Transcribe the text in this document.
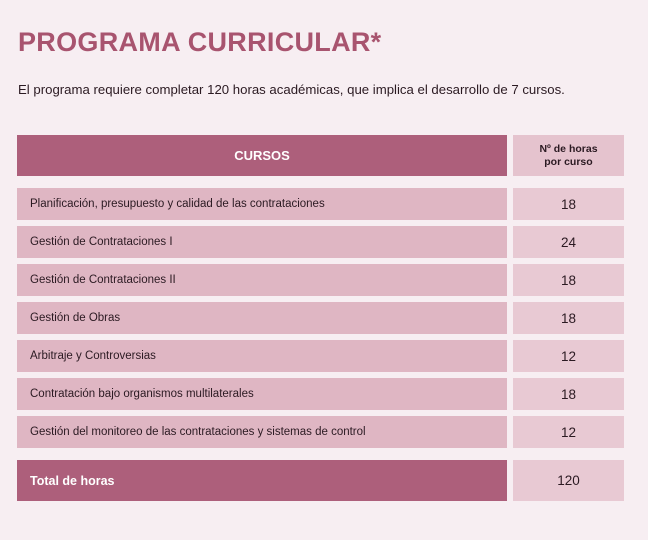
PROGRAMA CURRICULAR*
El programa requiere completar 120 horas académicas, que implica el desarrollo de 7 cursos.
CURSOS	Nº de horas
por curso
Planificación, presupuesto y calidad de las contrataciones	18
Gestión de Contrataciones I	24
Gestión de Contrataciones II	18
Gestión de Obras	18
Arbitraje y Controversias	12
Contratación bajo organismos multilaterales	18
Gestión del monitoreo de las contrataciones y sistemas de control	12
Total de horas	120
